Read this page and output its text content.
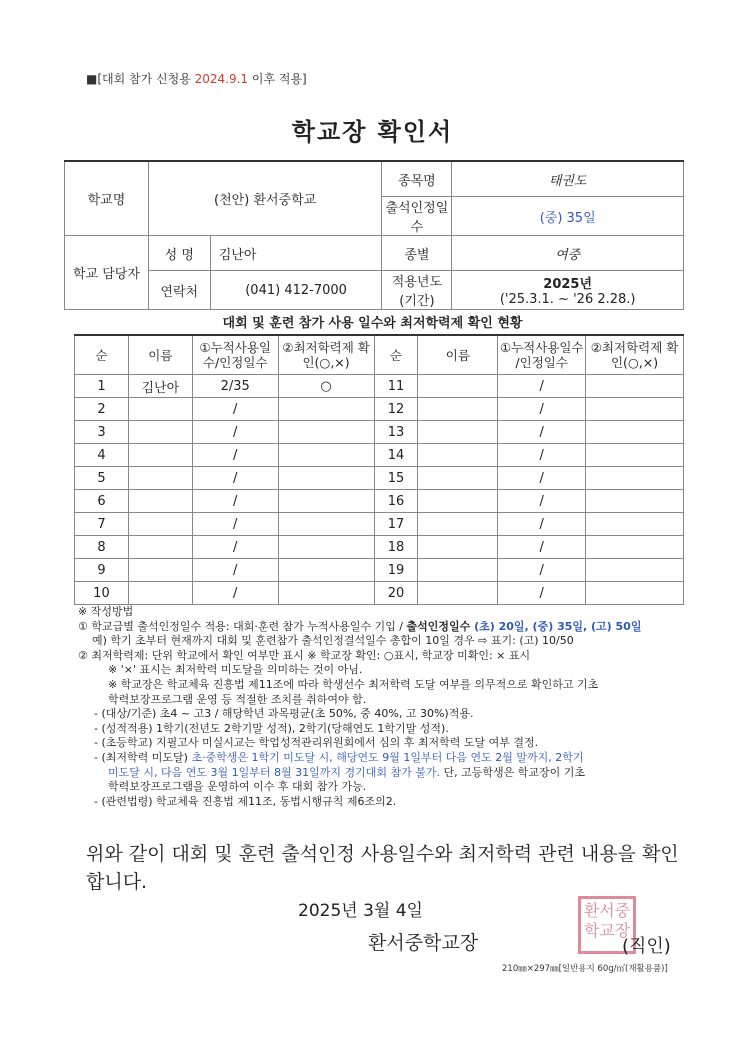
■[대회 참가 신청용 2024.9.1 이후 적용]
학교장 확인서
학교명	(천안) 환서중학교		종목명	태권도
			출석인정일수	(중) 35일
학교 담당자	성 명	김난아	종별	여중
	연락처	(041) 412-7000	적용년도 (기간)	2025년
('25.3.1. ~ '26 2.28.)
대회 및 훈련 참가 사용 일수와 최저학력제 확인 현황
순	이름	①누적사용일수/인정일수	②최저학력제 확인(○,×)	순	이름	①누적사용일수 /인정일수	②최저학력제 확인(○,×)
1	김난아	2/35	○	11		/	
2		/		12		/	
3		/		13		/	
4		/		14		/	
5		/		15		/	
6		/		16		/	
7		/		17		/	
8		/		18		/	
9		/		19		/	
10		/		20		/	
※ 작성방법
① 학교급별 출석인정일수 적용: 대회·훈련 참가 누적사용일수 기입 / 출석인정일수 (초) 20일, (중) 35일, (고) 50일
예) 학기 초부터 현재까지 대회 및 훈련참가 출석인정결석일수 총합이 10일 경우 ⇨ 표기: (고) 10/50
② 최저학력제: 단위 학교에서 확인 여부만 표시 ※ 학교장 확인: ○표시, 학교장 미확인: × 표시
※ '×' 표시는 최저학력 미도달을 의미하는 것이 아님.
※ 학교장은 학교체육 진흥법 제11조에 따라 학생선수 최저학력 도달 여부를 의무적으로 확인하고 기초
학력보장프로그램 운영 등 적절한 조치를 취하여야 함.
- (대상/기준) 초4 ~ 고3 / 해당학년 과목평균(초 50%, 중 40%, 고 30%)적용.
- (성적적용) 1학기(전년도 2학기말 성적), 2학기(당해연도 1학기말 성적).
- (초등학교) 지필고사 미실시교는 학업성적관리위원회에서 심의 후 최저학력 도달 여부 결정.
- (최저학력 미도달) 초·중학생은 1학기 미도달 시, 해당연도 9월 1일부터 다음 연도 2월 말까지, 2학기
미도달 시, 다음 연도 3월 1일부터 8월 31일까지 경기대회 참가 불가. 단, 고등학생은 학교장이 기초
학력보장프로그램을 운영하여 이수 후 대회 참가 가능.
- (관련법령) 학교체육 진흥법 제11조, 동법시행규칙 제6조의2.
위와 같이 대회 및 훈련 출석인정 사용일수와 최저학력 관련 내용을 확인합니다.
2025년 3월 4일
환서중학교장
환서중학교장
(직인)
210㎜×297㎜[일반용지 60g/㎡(재활용품)]
